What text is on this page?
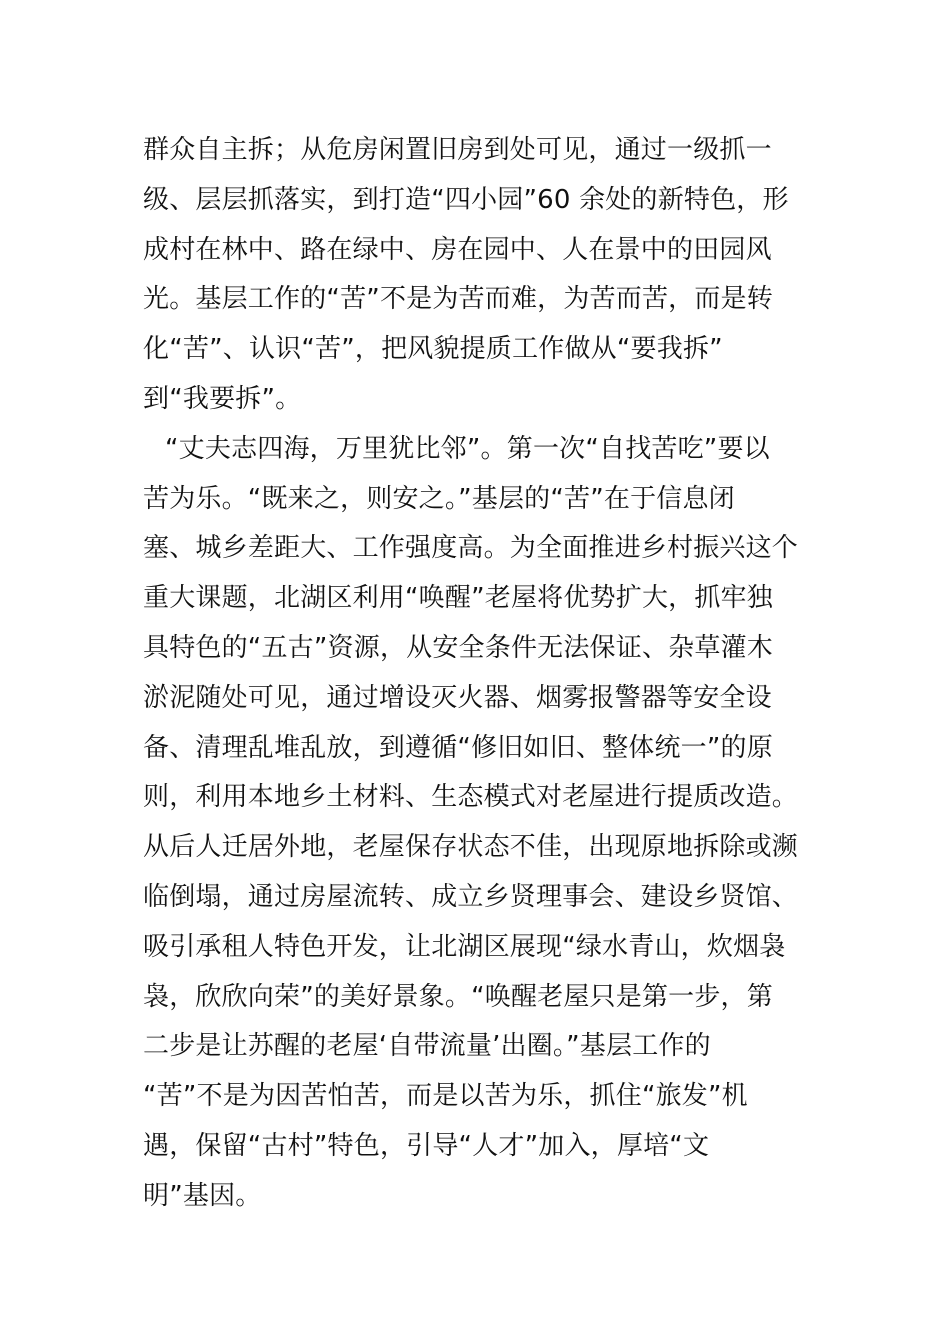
群众自主拆；从危房闲置旧房到处可见，通过一级抓一
级、层层抓落实，到打造“四小园”60 余处的新特色，形
成村在林中、路在绿中、房在园中、人在景中的田园风
光。基层工作的“苦”不是为苦而难，为苦而苦，而是转
化“苦”、认识“苦”，把风貌提质工作做从“要我拆”
到“我要拆”。
“丈夫志四海，万里犹比邻”。第一次“自找苦吃”要以
苦为乐。“既来之，则安之。”基层的“苦”在于信息闭
塞、城乡差距大、工作强度高。为全面推进乡村振兴这个
重大课题，北湖区利用“唤醒”老屋将优势扩大，抓牢独
具特色的“五古”资源，从安全条件无法保证、杂草灌木
淤泥随处可见，通过增设灭火器、烟雾报警器等安全设
备、清理乱堆乱放，到遵循“修旧如旧、整体统一”的原
则，利用本地乡土材料、生态模式对老屋进行提质改造。
从后人迁居外地，老屋保存状态不佳，出现原地拆除或濒
临倒塌，通过房屋流转、成立乡贤理事会、建设乡贤馆、
吸引承租人特色开发，让北湖区展现“绿水青山，炊烟袅
袅，欣欣向荣”的美好景象。“唤醒老屋只是第一步，第
二步是让苏醒的老屋‘自带流量’出圈。”基层工作的
“苦”不是为因苦怕苦，而是以苦为乐，抓住“旅发”机
遇，保留“古村”特色，引导“人才”加入，厚培“文
明”基因。
